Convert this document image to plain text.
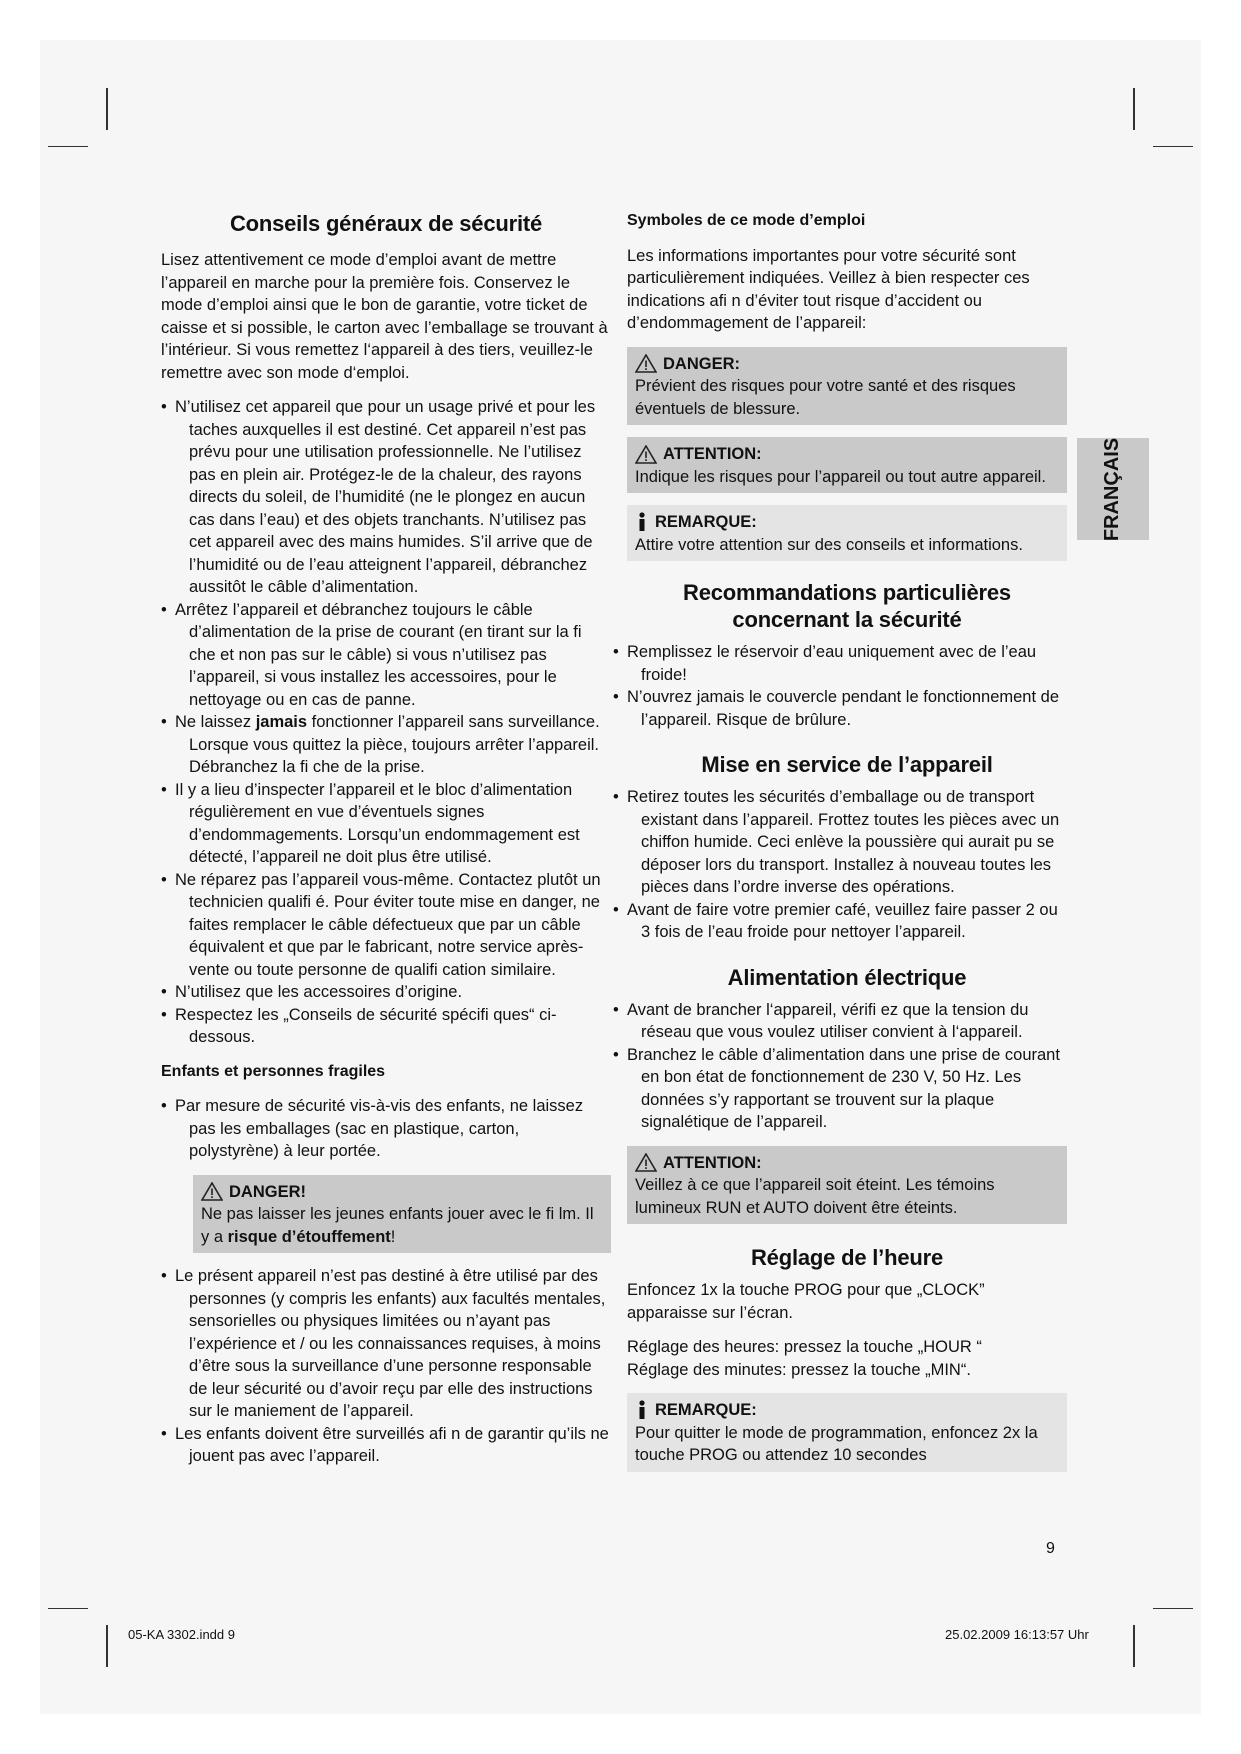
Conseils généraux de sécurité

Lisez attentivement ce mode d’emploi avant de mettre l’appareil en marche pour la première fois. Conservez le mode d’emploi ainsi que le bon de garantie, votre ticket de caisse et si possible, le carton avec l’emballage se trouvant à l’intérieur. Si vous remettez l‘appareil à des tiers, veuillez-le remettre avec son mode d‘emploi.

• N’utilisez cet appareil que pour un usage privé et pour les taches auxquelles il est destiné. Cet appareil n’est pas prévu pour une utilisation professionnelle. Ne l’utilisez pas en plein air. Protégez-le de la chaleur, des rayons directs du soleil, de l’humidité (ne le plongez en aucun cas dans l’eau) et des objets tranchants. N’utilisez pas cet appareil avec des mains humides. S’il arrive que de l’humidité ou de l’eau atteignent l’appareil, débranchez aussitôt le câble d’alimentation.
• Arrêtez l’appareil et débranchez toujours le câble d’alimentation de la prise de courant (en tirant sur la fi che et non pas sur le câble) si vous n’utilisez pas l’appareil, si vous installez les accessoires, pour le nettoyage ou en cas de panne.
• Ne laissez jamais fonctionner l’appareil sans surveillance. Lorsque vous quittez la pièce, toujours arrêter l’appareil. Débranchez la fi che de la prise.
• Il y a lieu d’inspecter l’appareil et le bloc d’alimentation régulièrement en vue d’éventuels signes d’endommagements. Lorsqu’un endommagement est détecté, l’appareil ne doit plus être utilisé.
• Ne réparez pas l’appareil vous-même. Contactez plutôt un technicien qualifi é. Pour éviter toute mise en danger, ne faites remplacer le câble défectueux que par un câble équivalent et que par le fabricant, notre service après-vente ou toute personne de qualifi cation similaire.
• N’utilisez que les accessoires d’origine.
• Respectez les „Conseils de sécurité spécifi ques“ ci-dessous.
Enfants et personnes fragiles
• Par mesure de sécurité vis-à-vis des enfants, ne laissez pas les emballages (sac en plastique, carton, polystyrène) à leur portée.
DANGER!
Ne pas laisser les jeunes enfants jouer avec le fi lm. Il y a risque d’étouffement!
• Le présent appareil n’est pas destiné à être utilisé par des personnes (y compris les enfants) aux facultés mentales, sensorielles ou physiques limitées ou n’ayant pas l’expérience et / ou les connaissances requises, à moins d’être sous la surveillance d’une personne responsable de leur sécurité ou d’avoir reçu par elle des instructions sur le maniement de l’appareil.
• Les enfants doivent être surveillés afi n de garantir qu’ils ne jouent pas avec l’appareil.
Symboles de ce mode d’emploi

Les informations importantes pour votre sécurité sont particulièrement indiquées. Veillez à bien respecter ces indications afi n d’éviter tout risque d’accident ou d’endommagement de l’appareil:

DANGER:
Prévient des risques pour votre santé et des risques éventuels de blessure.
ATTENTION:
Indique les risques pour l’appareil ou tout autre appareil.
REMARQUE:
Attire votre attention sur des conseils et informations.
Recommandations particulières
concernant la sécurité
• Remplissez le réservoir d’eau uniquement avec de l’eau froide!
• N’ouvrez jamais le couvercle pendant le fonctionnement de l’appareil. Risque de brûlure.
Mise en service de l’appareil
• Retirez toutes les sécurités d’emballage ou de transport existant dans l’appareil. Frottez toutes les pièces avec un chiffon humide. Ceci enlève la poussière qui aurait pu se déposer lors du transport. Installez à nouveau toutes les pièces dans l’ordre inverse des opérations.
• Avant de faire votre premier café, veuillez faire passer 2 ou 3 fois de l’eau froide pour nettoyer l’appareil.
Alimentation électrique
• Avant de brancher l‘appareil, vérifi ez que la tension du réseau que vous voulez utiliser convient à l‘appareil.
• Branchez le câble d’alimentation dans une prise de courant en bon état de fonctionnement de 230 V, 50 Hz. Les données s’y rapportant se trouvent sur la plaque signalétique de l’appareil.
ATTENTION:
Veillez à ce que l’appareil soit éteint. Les témoins lumineux RUN et AUTO doivent être éteints.
Réglage de l’heure

Enfoncez 1x la touche PROG pour que „CLOCK” apparaisse sur l’écran.

Réglage des heures: pressez la touche „HOUR “
Réglage des minutes: pressez la touche „MIN“.

REMARQUE:
Pour quitter le mode de programmation, enfoncez 2x la touche PROG ou attendez 10 secondes
FRANÇAIS
9
05-KA 3302.indd 9	25.02.2009 16:13:57 Uhr
